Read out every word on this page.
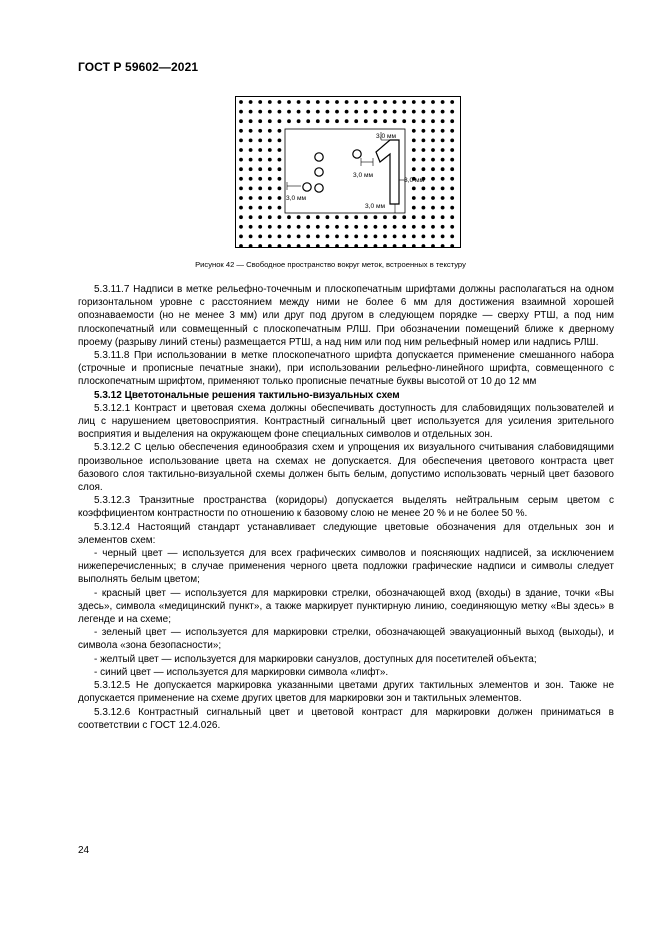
ГОСТ Р 59602—2021
3,0 мм
3,0 мм
3,0 мм
3,0 мм
3,0 мм
Рисунок 42 — Свободное пространство вокруг меток, встроенных в текстуру

5.3.11.7 Надписи в метке рельефно-точечным и плоскопечатным шрифтами должны располагаться на одном горизонтальном уровне с расстоянием между ними не более 6 мм для достижения взаимной хорошей опознаваемости (но не менее 3 мм) или друг под другом в следующем порядке — сверху РТШ, а под ним плоскопечатный или совмещенный с плоскопечатным РЛШ. При обозначении помещений ближе к дверному проему (разрыву линий стены) размещается РТШ, а над ним или под ним рельефный номер или надпись РЛШ.

5.3.11.8 При использовании в метке плоскопечатного шрифта допускается применение смешанного набора (строчные и прописные печатные знаки), при использовании рельефно-линейного шрифта, совмещенного с плоскопечатным шрифтом, применяют только прописные печатные буквы высотой от 10 до 12 мм

5.3.12 Цветотональные решения тактильно-визуальных схем

5.3.12.1 Контраст и цветовая схема должны обеспечивать доступность для слабовидящих пользователей и лиц с нарушением цветовосприятия. Контрастный сигнальный цвет используется для усиления зрительного восприятия и выделения на окружающем фоне специальных символов и отдельных зон.

5.3.12.2 С целью обеспечения единообразия схем и упрощения их визуального считывания слабовидящими произвольное использование цвета на схемах не допускается. Для обеспечения цветового контраста цвет базового слоя тактильно-визуальной схемы должен быть белым, допустимо использовать черный цвет базового слоя.

5.3.12.3 Транзитные пространства (коридоры) допускается выделять нейтральным серым цветом с коэффициентом контрастности по отношению к базовому слою не менее 20 % и не более 50 %.

5.3.12.4 Настоящий стандарт устанавливает следующие цветовые обозначения для отдельных зон и элементов схем:

- черный цвет — используется для всех графических символов и поясняющих надписей, за исключением нижеперечисленных; в случае применения черного цвета подложки графические надписи и символы следует выполнять белым цветом;

- красный цвет — используется для маркировки стрелки, обозначающей вход (входы) в здание, точки «Вы здесь», символа «медицинский пункт», а также маркирует пунктирную линию, соединяющую метку «Вы здесь» в легенде и на схеме;

- зеленый цвет — используется для маркировки стрелки, обозначающей эвакуационный выход (выходы), и символа «зона безопасности»;

- желтый цвет — используется для маркировки санузлов, доступных для посетителей объекта;

- синий цвет — используется для маркировки символа «лифт».

5.3.12.5 Не допускается маркировка указанными цветами других тактильных элементов и зон. Также не допускается применение на схеме других цветов для маркировки зон и тактильных элементов.

5.3.12.6 Контрастный сигнальный цвет и цветовой контраст для маркировки должен приниматься в соответствии с ГОСТ 12.4.026.

24
